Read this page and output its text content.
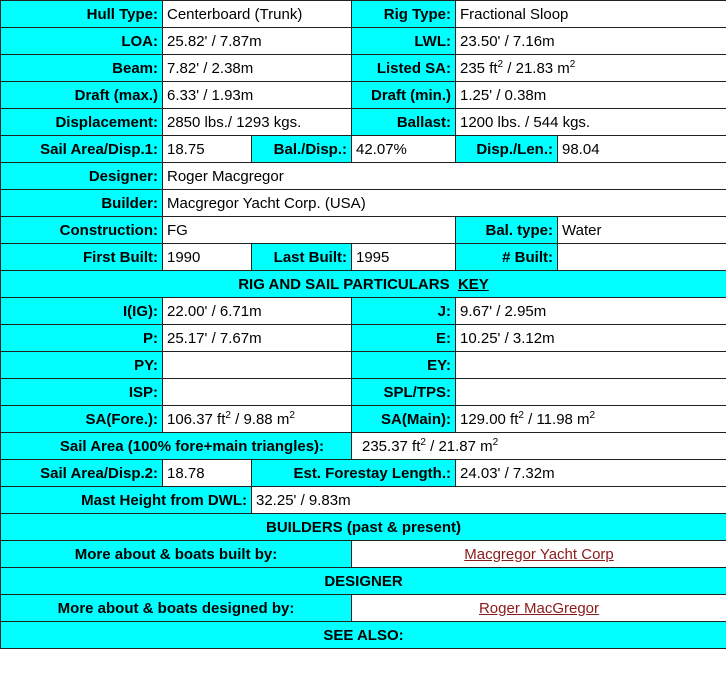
Hull Type:	Centerboard (Trunk)		Rig Type:	Fractional Sloop	
LOA:	25.82' / 7.87m		LWL:	23.50' / 7.16m	
Beam:	7.82' / 2.38m		Listed SA:	235 $ft^2 / 21.83$ $m^2$
Draft (max.)	6.33' / 1.93m		Draft (min.)	1.25' / 0.38m	
Displacement:	2850 lbs./ 1293 kgs.		Ballast:	1200 lbs. / 544 kgs.	
Sail Area/Disp.1:	18.75	Bal./Disp.:	42.07%	Disp./Len.:	98.04
Designer:	Roger Macgregor				
Builder:	Macgregor Yacht Corp. (USA)				
Construction:	FG			Bal. type:	Water
First Built:	1990	Last Built:	1995	# Built:	
RIG AND SAIL PARTICULARS KEY					
I(IG):	22.00' / 6.71m		J:	9.67' / 2.95m	
P:	25.17' / 7.67m		E:	10.25' / 3.12m	
PY:			EY:		
ISP:			SPL/TPS:		
SA(Fore.):	106.37 $ft^2 / 9.88$ $m^2$		SA(Main):	129.00 $ft^2 / 11.98$ $m^2$
Sail Area (100% fore+main triangles):			235.37 $ft^2 / 21.87$ $m^2$
Sail Area/Disp.2:	18.78	Est. Forestay Length.:		24.03' / 7.32m	
Mast Height from DWL:		32.25' / 9.83m			
BUILDERS (past & present)					
More about & boats built by:			Macgregor Yacht Corp		
DESIGNER					
More about & boats designed by:			Roger MacGregor		
SEE ALSO:					
